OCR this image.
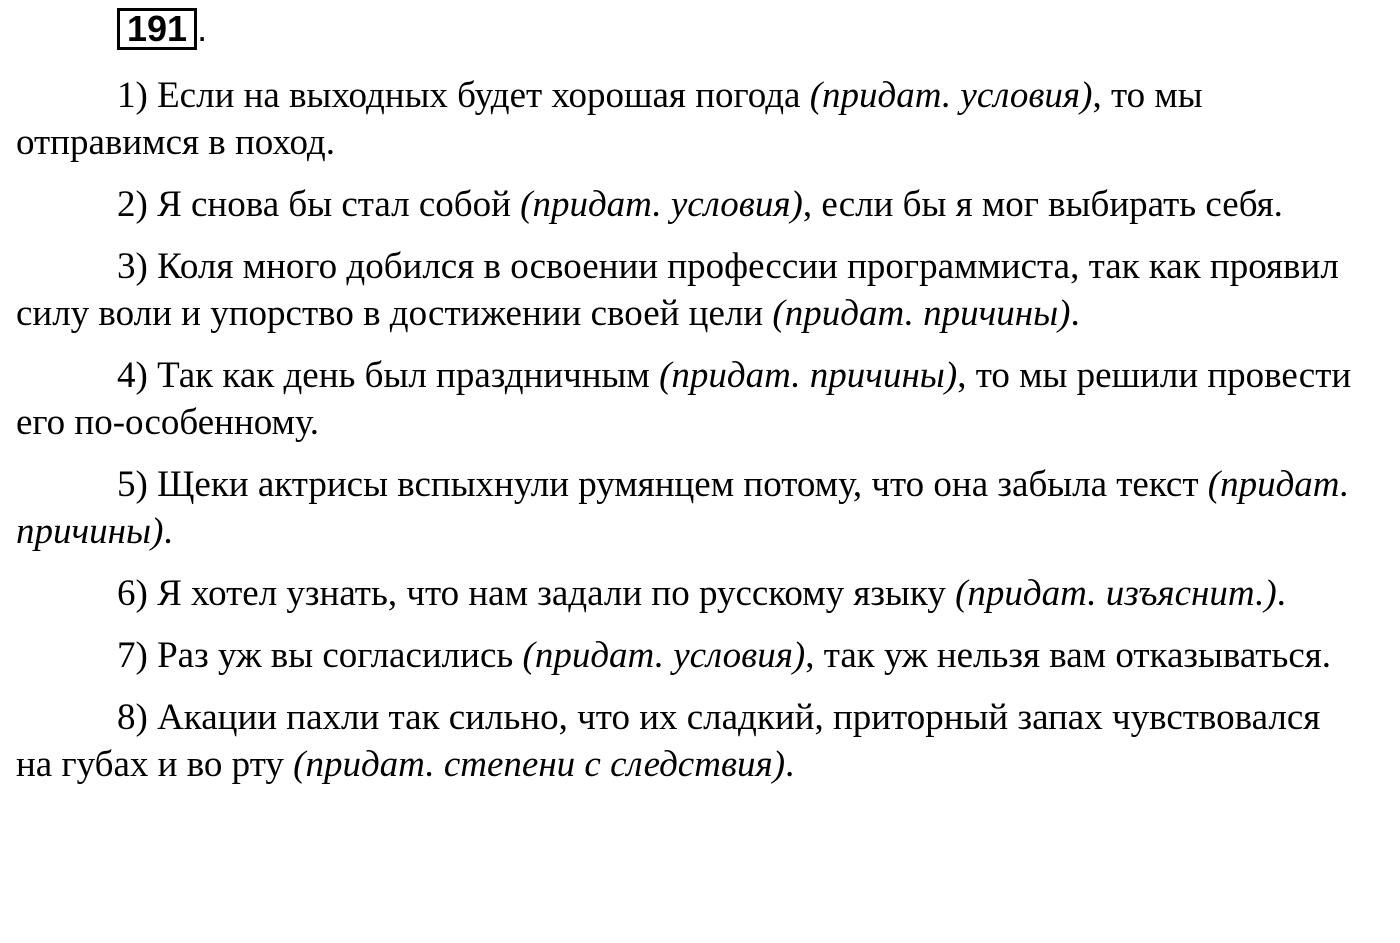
191 .

1) Если на выходных будет хорошая погода (придат. условия), то мы отправимся в поход.

2) Я снова бы стал собой (придат. условия), если бы я мог выбирать себя.

3) Коля много добился в освоении профессии программиста, так как проявил силу воли и упорство в достижении своей цели (придат. причины).

4) Так как день был праздничным (придат. причины), то мы решили провести его по-особенному.

5) Щеки актрисы вспыхнули румянцем потому, что она забыла текст (придат. причины).

6) Я хотел узнать, что нам задали по русскому языку (придат. изъяснит.).

7) Раз уж вы согласились (придат. условия), так уж нельзя вам отказываться.

8) Акации пахли так сильно, что их сладкий, приторный запах чувствовался на губах и во рту (придат. степени с следствия).
